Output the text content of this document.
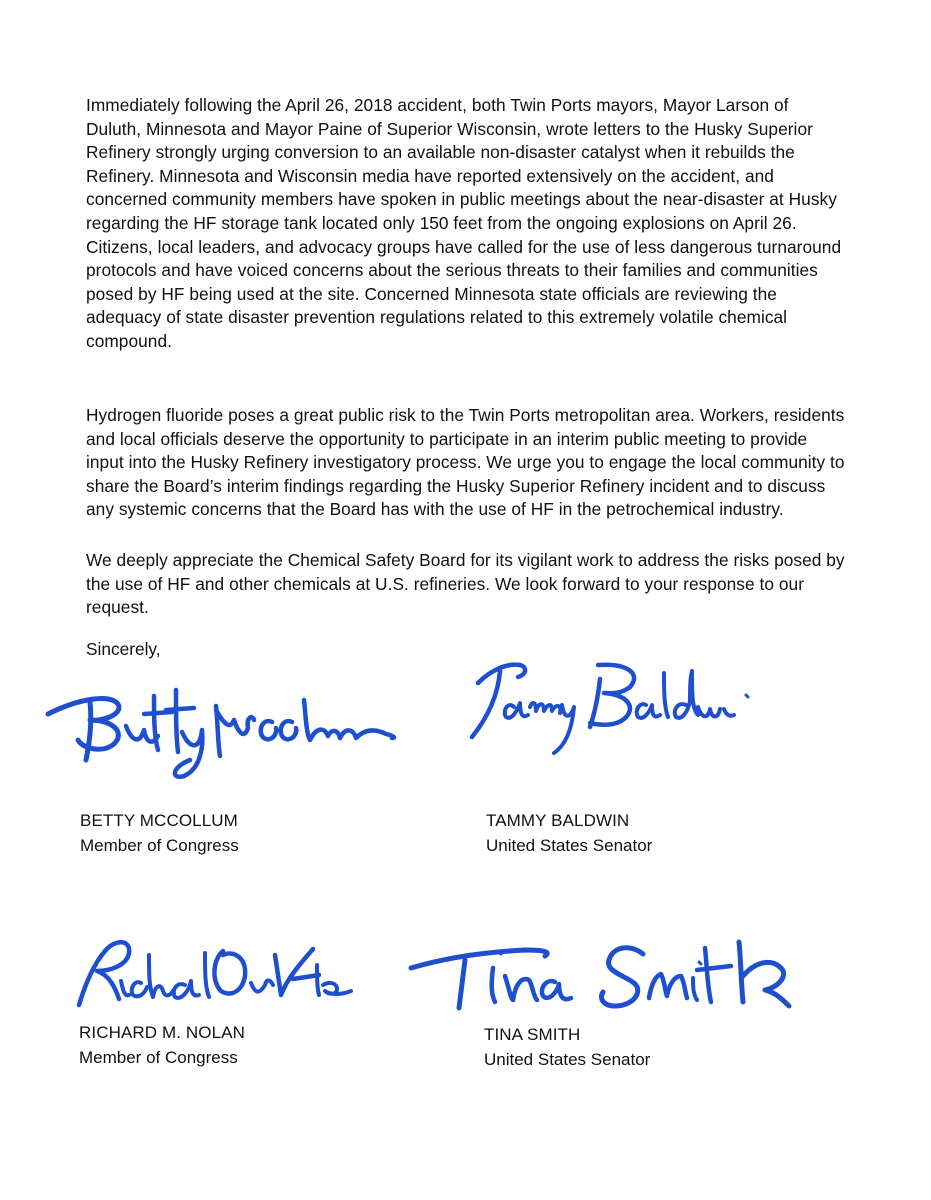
Immediately following the April 26, 2018 accident, both Twin Ports mayors, Mayor Larson of Duluth, Minnesota and Mayor Paine of Superior Wisconsin, wrote letters to the Husky Superior Refinery strongly urging conversion to an available non-disaster catalyst when it rebuilds the Refinery. Minnesota and Wisconsin media have reported extensively on the accident, and concerned community members have spoken in public meetings about the near-disaster at Husky regarding the HF storage tank located only 150 feet from the ongoing explosions on April 26. Citizens, local leaders, and advocacy groups have called for the use of less dangerous turnaround protocols and have voiced concerns about the serious threats to their families and communities posed by HF being used at the site. Concerned Minnesota state officials are reviewing the adequacy of state disaster prevention regulations related to this extremely volatile chemical compound.

Hydrogen fluoride poses a great public risk to the Twin Ports metropolitan area. Workers, residents and local officials deserve the opportunity to participate in an interim public meeting to provide input into the Husky Refinery investigatory process. We urge you to engage the local community to share the Board’s interim findings regarding the Husky Superior Refinery incident and to discuss any systemic concerns that the Board has with the use of HF in the petrochemical industry.

We deeply appreciate the Chemical Safety Board for its vigilant work to address the risks posed by the use of HF and other chemicals at U.S. refineries. We look forward to your response to our request.

Sincerely,

BETTY MCCOLLUM
Member of Congress
TAMMY BALDWIN
United States Senator
RICHARD M. NOLAN
Member of Congress
TINA SMITH
United States Senator
